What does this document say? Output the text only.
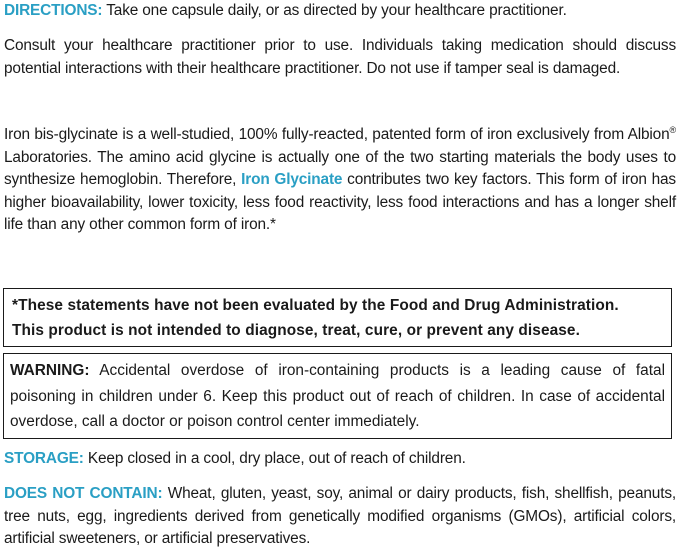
DIRECTIONS: Take one capsule daily, or as directed by your healthcare practitioner.
Consult your healthcare practitioner prior to use. Individuals taking medication should discuss potential interactions with their healthcare practitioner. Do not use if tamper seal is damaged.
Iron bis-glycinate is a well-studied, 100% fully-reacted, patented form of iron exclusively from Albion® Laboratories. The amino acid glycine is actually one of the two starting materials the body uses to synthesize hemoglobin. Therefore, Iron Glycinate contributes two key factors. This form of iron has higher bioavailability, lower toxicity, less food reactivity, less food interactions and has a longer shelf life than any other common form of iron.*
*These statements have not been evaluated by the Food and Drug Administration.
This product is not intended to diagnose, treat, cure, or prevent any disease.
WARNING: Accidental overdose of iron-containing products is a leading cause of fatal poisoning in children under 6. Keep this product out of reach of children. In case of accidental overdose, call a doctor or poison control center immediately.
STORAGE: Keep closed in a cool, dry place, out of reach of children.
DOES NOT CONTAIN: Wheat, gluten, yeast, soy, animal or dairy products, fish, shellfish, peanuts, tree nuts, egg, ingredients derived from genetically modified organisms (GMOs), artificial colors, artificial sweeteners, or artificial preservatives.
